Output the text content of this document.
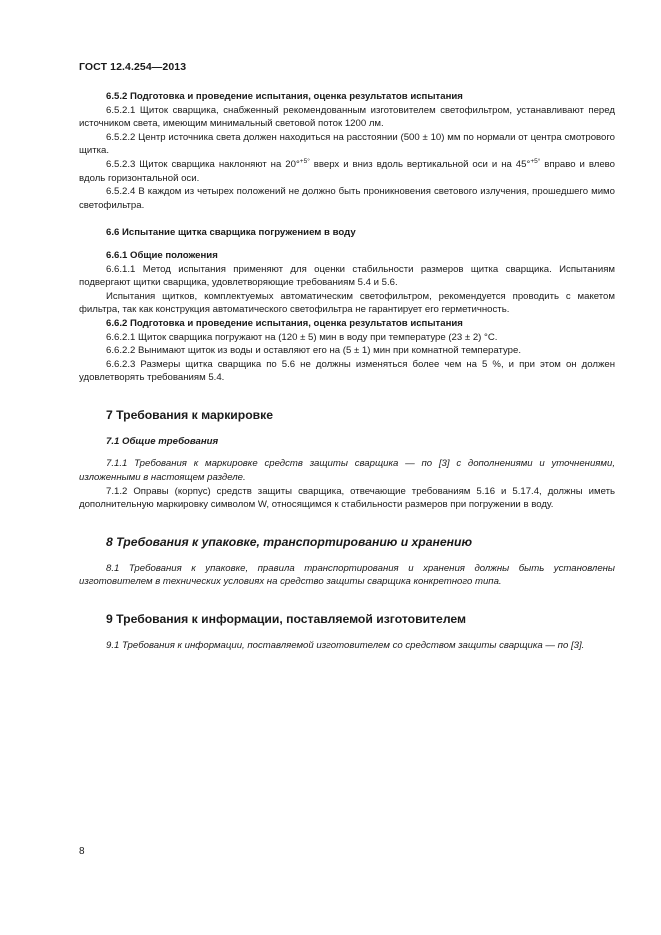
ГОСТ 12.4.254—2013

6.5.2 Подготовка и проведение испытания, оценка результатов испытания

6.5.2.1 Щиток сварщика, снабженный рекомендованным изготовителем светофильтром, устанавливают перед источником света, имеющим минимальный световой поток 1200 лм.

6.5.2.2 Центр источника света должен находиться на расстоянии (500 ± 10) мм по нормали от центра смотрового щитка.

6.5.2.3 Щиток сварщика наклоняют на 20°$^{+5^\circ}$ вверх и вниз вдоль вертикальной оси и на 45°$^{+5^\circ}$ вправо и влево вдоль горизонтальной оси.

6.5.2.4 В каждом из четырех положений не должно быть проникновения светового излучения, прошедшего мимо светофильтра.

6.6 Испытание щитка сварщика погружением в воду

6.6.1 Общие положения

6.6.1.1 Метод испытания применяют для оценки стабильности размеров щитка сварщика. Испытаниям подвергают щитки сварщика, удовлетворяющие требованиям 5.4 и 5.6.

Испытания щитков, комплектуемых автоматическим светофильтром, рекомендуется проводить с макетом фильтра, так как конструкция автоматического светофильтра не гарантирует его герметичность.

6.6.2 Подготовка и проведение испытания, оценка результатов испытания

6.6.2.1 Щиток сварщика погружают на (120 ± 5) мин в воду при температуре (23 ± 2) °С.

6.6.2.2 Вынимают щиток из воды и оставляют его на (5 ± 1) мин при комнатной температуре.

6.6.2.3 Размеры щитка сварщика по 5.6 не должны изменяться более чем на 5 %, и при этом он должен удовлетворять требованиям 5.4.

7 Требования к маркировке

7.1 Общие требования

7.1.1 Требования к маркировке средств защиты сварщика — по [3] с дополнениями и уточнениями, изложенными в настоящем разделе.

7.1.2 Оправы (корпус) средств защиты сварщика, отвечающие требованиям 5.16 и 5.17.4, должны иметь дополнительную маркировку символом W, относящимся к стабильности размеров при погружении в воду.

8 Требования к упаковке, транспортированию и хранению

8.1 Требования к упаковке, правила транспортирования и хранения должны быть установлены изготовителем в технических условиях на средство защиты сварщика конкретного типа.

9 Требования к информации, поставляемой изготовителем

9.1 Требования к информации, поставляемой изготовителем со средством защиты сварщика — по [3].

8
